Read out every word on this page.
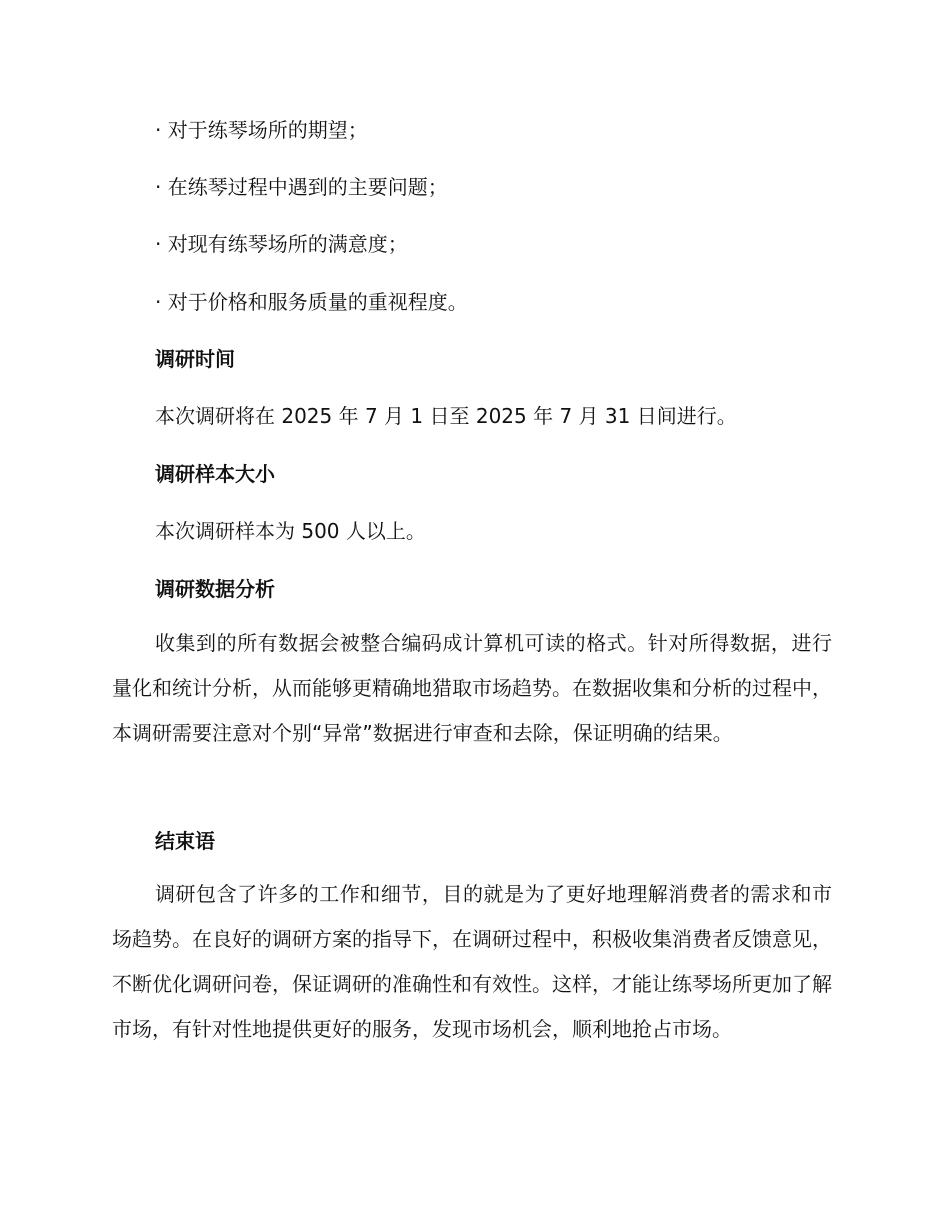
· 对于练琴场所的期望；
· 在练琴过程中遇到的主要问题；
· 对现有练琴场所的满意度；
· 对于价格和服务质量的重视程度。
调研时间
本次调研将在 2025 年 7 月 1 日至 2025 年 7 月 31 日间进行。
调研样本大小
本次调研样本为 500 人以上。
调研数据分析
收集到的所有数据会被整合编码成计算机可读的格式。针对所得数据，进行量化和统计分析，从而能够更精确地猎取市场趋势。在数据收集和分析的过程中，本调研需要注意对个别“异常”数据进行审查和去除，保证明确的结果。
结束语
调研包含了许多的工作和细节，目的就是为了更好地理解消费者的需求和市场趋势。在良好的调研方案的指导下，在调研过程中，积极收集消费者反馈意见，不断优化调研问卷，保证调研的准确性和有效性。这样，才能让练琴场所更加了解市场，有针对性地提供更好的服务，发现市场机会，顺利地抢占市场。
